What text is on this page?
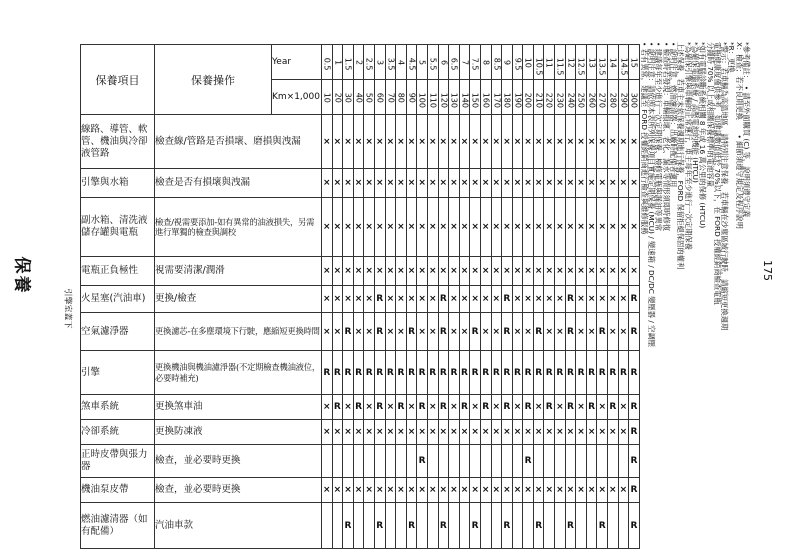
保養
引擎室蓋下
175
保養項目	保養操作	Year	0.5	1	1.5	2	2.5	3	3.5	4	4.5	5	5.5	6	6.5	7	7.5	8	8.5	9	9.5	10	10.5	11	11.5	12	12.5	13	13.5	14	14.5	15

		Km×1,000	10	20	30	40	50	60	70	80	90	100	110	120	130	140	150	160	170	180	190	200	210	220	230	240	250	260	270	280	290	300

線路、導管、軟管、機油與冷卻液管路	檢查線/管路是否損壞、磨損與洩漏		×	×	×	×	×	×	×	×	×	×	×	×	×	×	×	×	×	×	×	×	×	×	×	×	×	×	×	×	×	×
引擎與水箱	檢查是否有損壞與洩漏		×	×	×	×	×	×	×	×	×	×	×	×	×	×	×	×	×	×	×	×	×	×	×	×	×	×	×	×	×	×
副水箱、清洗液儲存罐與電瓶	檢查/視需要添加-如有異常的油液損失，另需進行單獨的檢查與調校		×	×	×	×	×	×	×	×	×	×	×	×	×	×	×	×	×	×	×	×	×	×	×	×	×	×	×	×	×	×
電瓶正負極性	視需要清潔/潤滑		×	×	×	×	×	×	×	×	×	×	×	×	×	×	×	×	×	×	×	×	×	×	×	×	×	×	×	×	×	×
火星塞(汽油車)	更換/檢查		×	×	×	×	×	R	×	×	×	×	×	R	×	×	×	×	×	R	×	×	×	×	×	R	×	×	×	×	×	R
空氣濾淨器	更換濾芯-在多塵環境下行駛，應縮短更換時間		×	×	R	×	×	R	×	×	R	×	×	R	×	×	R	×	×	R	×	×	R	×	×	R	×	×	R	×	×	R
引擎	更換機油與機油濾淨器(不定期檢查機油液位，必要時補充)		R	R	R	R	R	R	R	R	R	R	R	R	R	R	R	R	R	R	R	R	R	R	R	R	R	R	R	R	R	R
煞車系統	更換煞車油		×	R	×	R	×	R	×	R	×	R	×	R	×	R	×	R	×	R	×	R	×	R	×	R	×	R	×	R	×	R
冷卻系統	更換防凍液		×	×	×	×	×	×	×	×	×	×	×	×	×	×	×	×	×	×	×	×	×	×	×	×	×	×	×	×	×	R
正時皮帶與張力器	檢查，並必要時更換											R										R										R
機油泵皮帶	檢查，並必要時更換		×	×	×	×	×	×	×	×	×	×	×	×	×	×	×	×	×	×	×	×	×	×	×	×	×	×	×	×	×	R
燃油濾清器（如有配備）	汽油車款				R			R			R			R			R			R			R			R			R			R
*參考備註：　• 請至外面購買 (C) 等，說明須遵守定義
X：檢查；若不良則更換　　• 細節須遵守規定及程序說明
*R：更換
*警示：若車輛為高溫地區，請特別注意保養，若車輛在沙塵區域行駛時，請縮短更換週期
電瓶健康度僅供參考，如建議數值低於 70%以下，在 FORD 授權經銷商檢查電瓶
分鐘時 70% 以上或相關保養標準的電池容量
*如有電腦診斷系統相關 8 年或 16 萬公里的保修 (HTCU)
*為確保電腦系統 / 高壓電池的機能 (HTCU)
*為確保引擎與車輛的正常運行，車主每年至少進行一次定期保養
上述保養，若車主未依保養週期進行保養，FORD 保留拒絕保固的權利
• 說明注意，燃油濾清器：出廠時配備者適用
• 檢查時若發現：車輛損壞、老化、漏水等情形須即時修復
• 建議每年至少進行一次定期保養、檢修電瓶與漏油等異常
• 說明注意：請依照本表所列保養項目實施定期保養 (MCU) / 變速箱 / DC/DC 變壓器 / 空調壓
• 若有異常，建議至 FORD 授權經銷商進行檢查與維修服務
